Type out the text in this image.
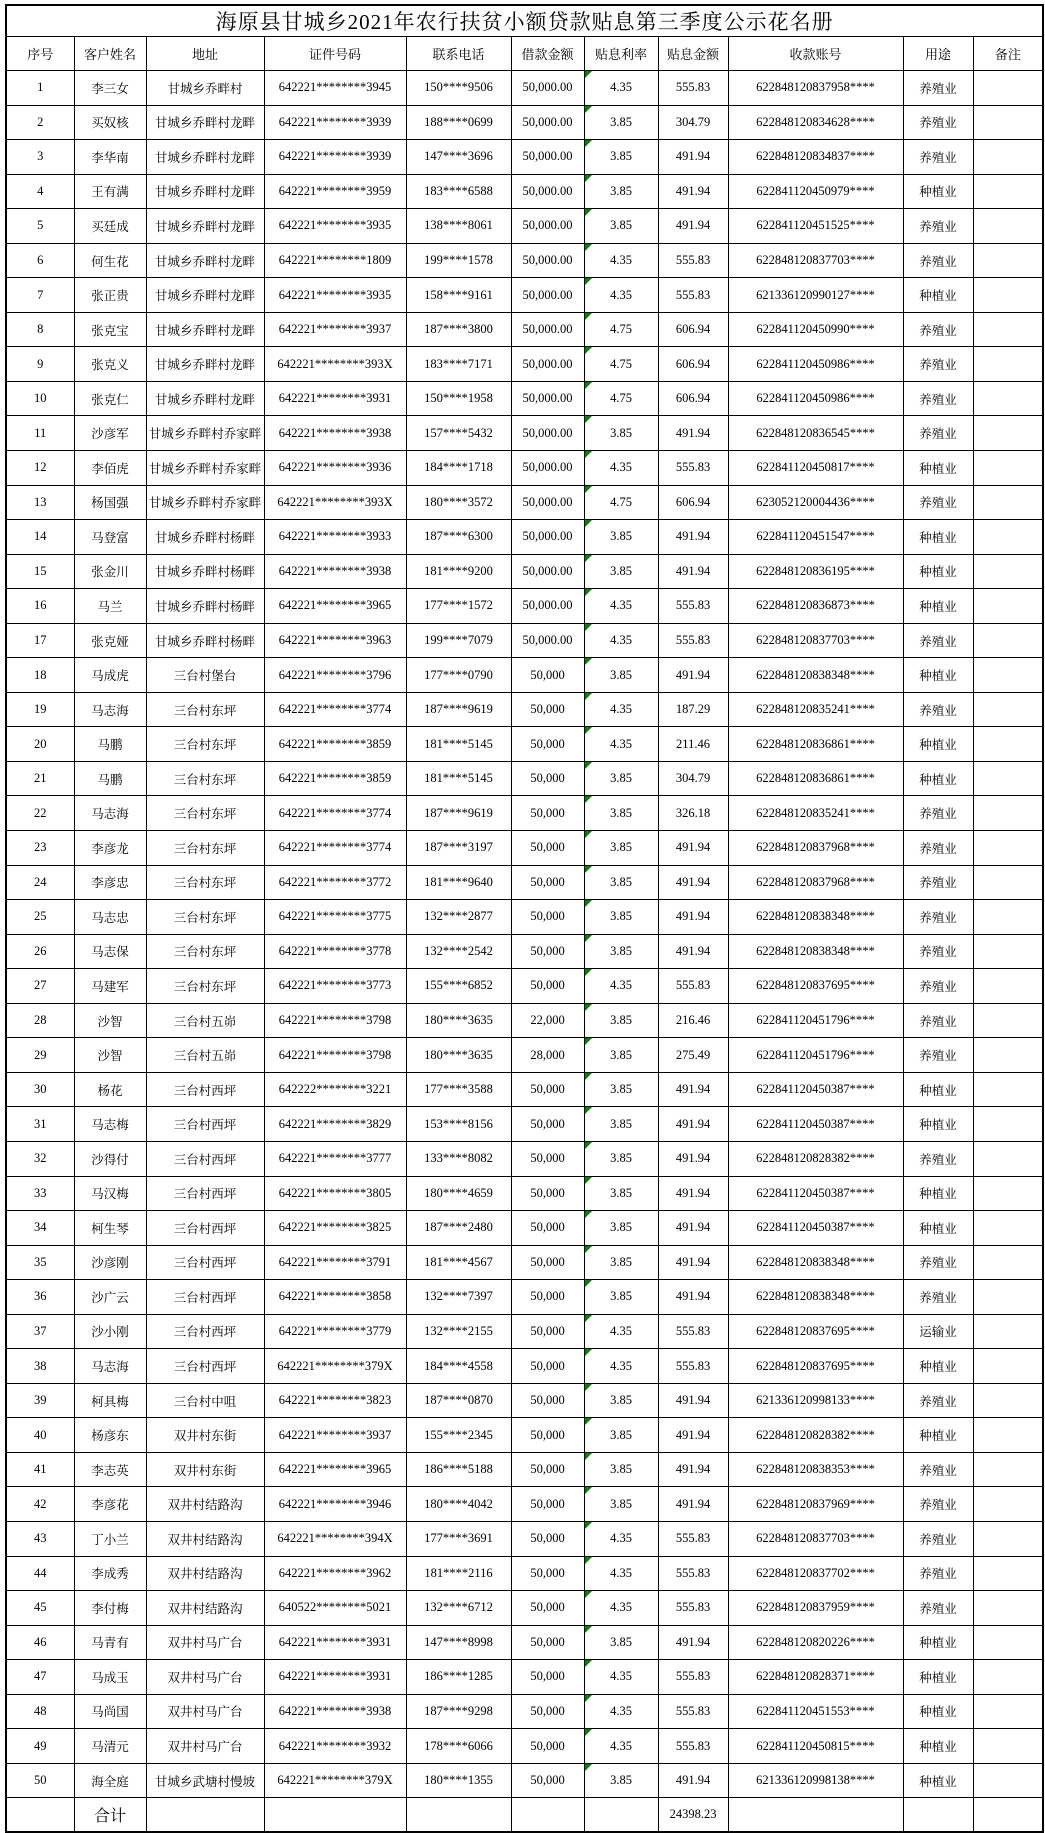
海原县甘城乡2021年农行扶贫小额贷款贴息第三季度公示花名册										
序号	客户姓名	地址	证件号码	联系电话	借款金额	贴息利率	贴息金额	收款账号	用途	备注
1	李三女	甘城乡乔畔村	642221********3945	150****9506	50,000.00	4.35	555.83	622848120837958****	养殖业	
2	买奴核	甘城乡乔畔村龙畔	642221********3939	188****0699	50,000.00	3.85	304.79	622848120834628****	养殖业	
3	李华南	甘城乡乔畔村龙畔	642221********3939	147****3696	50,000.00	3.85	491.94	622848120834837****	养殖业	
4	王有满	甘城乡乔畔村龙畔	642221********3959	183****6588	50,000.00	3.85	491.94	622841120450979****	种植业	
5	买廷成	甘城乡乔畔村龙畔	642221********3935	138****8061	50,000.00	3.85	491.94	622841120451525****	养殖业	
6	何生花	甘城乡乔畔村龙畔	642221********1809	199****1578	50,000.00	4.35	555.83	622848120837703****	养殖业	
7	张正贵	甘城乡乔畔村龙畔	642221********3935	158****9161	50,000.00	4.35	555.83	621336120990127****	种植业	
8	张克宝	甘城乡乔畔村龙畔	642221********3937	187****3800	50,000.00	4.75	606.94	622841120450990****	养殖业	
9	张克义	甘城乡乔畔村龙畔	642221********393X	183****7171	50,000.00	4.75	606.94	622841120450986****	养殖业	
10	张克仁	甘城乡乔畔村龙畔	642221********3931	150****1958	50,000.00	4.75	606.94	622841120450986****	养殖业	
11	沙彦军	甘城乡乔畔村乔家畔	642221********3938	157****5432	50,000.00	3.85	491.94	622848120836545****	养殖业	
12	李佰虎	甘城乡乔畔村乔家畔	642221********3936	184****1718	50,000.00	4.35	555.83	622841120450817****	种植业	
13	杨国强	甘城乡乔畔村乔家畔	642221********393X	180****3572	50,000.00	4.75	606.94	623052120004436****	养殖业	
14	马登富	甘城乡乔畔村杨畔	642221********3933	187****6300	50,000.00	3.85	491.94	622841120451547****	种植业	
15	张金川	甘城乡乔畔村杨畔	642221********3938	181****9200	50,000.00	3.85	491.94	622848120836195****	种植业	
16	马兰	甘城乡乔畔村杨畔	642221********3965	177****1572	50,000.00	4.35	555.83	622848120836873****	种植业	
17	张克娅	甘城乡乔畔村杨畔	642221********3963	199****7079	50,000.00	4.35	555.83	622848120837703****	养殖业	
18	马成虎	三台村堡台	642221********3796	177****0790	50,000	3.85	491.94	622848120838348****	种植业	
19	马志海	三台村东坪	642221********3774	187****9619	50,000	4.35	187.29	622848120835241****	养殖业	
20	马鹏	三台村东坪	642221********3859	181****5145	50,000	4.35	211.46	622848120836861****	种植业	
21	马鹏	三台村东坪	642221********3859	181****5145	50,000	3.85	304.79	622848120836861****	种植业	
22	马志海	三台村东坪	642221********3774	187****9619	50,000	3.85	326.18	622848120835241****	养殖业	
23	李彦龙	三台村东坪	642221********3774	187****3197	50,000	3.85	491.94	622848120837968****	养殖业	
24	李彦忠	三台村东坪	642221********3772	181****9640	50,000	3.85	491.94	622848120837968****	养殖业	
25	马志忠	三台村东坪	642221********3775	132****2877	50,000	3.85	491.94	622848120838348****	养殖业	
26	马志保	三台村东坪	642221********3778	132****2542	50,000	3.85	491.94	622848120838348****	养殖业	
27	马建军	三台村东坪	642221********3773	155****6852	50,000	4.35	555.83	622848120837695****	养殖业	
28	沙智	三台村五峁	642221********3798	180****3635	22,000	3.85	216.46	622841120451796****	养殖业	
29	沙智	三台村五峁	642221********3798	180****3635	28,000	3.85	275.49	622841120451796****	养殖业	
30	杨花	三台村西坪	642222********3221	177****3588	50,000	3.85	491.94	622841120450387****	种植业	
31	马志梅	三台村西坪	642221********3829	153****8156	50,000	3.85	491.94	622841120450387****	种植业	
32	沙得付	三台村西坪	642221********3777	133****8082	50,000	3.85	491.94	622848120828382****	养殖业	
33	马汉梅	三台村西坪	642221********3805	180****4659	50,000	3.85	491.94	622841120450387****	种植业	
34	柯生琴	三台村西坪	642221********3825	187****2480	50,000	3.85	491.94	622841120450387****	种植业	
35	沙彦刚	三台村西坪	642221********3791	181****4567	50,000	3.85	491.94	622848120838348****	养殖业	
36	沙广云	三台村西坪	642221********3858	132****7397	50,000	3.85	491.94	622848120838348****	养殖业	
37	沙小刚	三台村西坪	642221********3779	132****2155	50,000	4.35	555.83	622848120837695****	运输业	
38	马志海	三台村西坪	642221********379X	184****4558	50,000	4.35	555.83	622848120837695****	种植业	
39	柯具梅	三台村中咀	642221********3823	187****0870	50,000	3.85	491.94	621336120998133****	养殖业	
40	杨彦东	双井村东街	642221********3937	155****2345	50,000	3.85	491.94	622848120828382****	种植业	
41	李志英	双井村东街	642221********3965	186****5188	50,000	3.85	491.94	622848120838353****	养殖业	
42	李彦花	双井村结路沟	642221********3946	180****4042	50,000	3.85	491.94	622848120837969****	养殖业	
43	丁小兰	双井村结路沟	642221********394X	177****3691	50,000	4.35	555.83	622848120837703****	养殖业	
44	李成秀	双井村结路沟	642221********3962	181****2116	50,000	4.35	555.83	622848120837702****	养殖业	
45	李付梅	双井村结路沟	640522********5021	132****6712	50,000	4.35	555.83	622848120837959****	养殖业	
46	马青有	双井村马广台	642221********3931	147****8998	50,000	3.85	491.94	622848120820226****	种植业	
47	马成玉	双井村马广台	642221********3931	186****1285	50,000	4.35	555.83	622848120828371****	种植业	
48	马尚国	双井村马广台	642221********3938	187****9298	50,000	4.35	555.83	622841120451553****	种植业	
49	马清元	双井村马广台	642221********3932	178****6066	50,000	4.35	555.83	622841120450815****	种植业	
50	海全庭	甘城乡武塘村慢坡	642221********379X	180****1355	50,000	3.85	491.94	621336120998138****	种植业	
	合计						24398.23			
